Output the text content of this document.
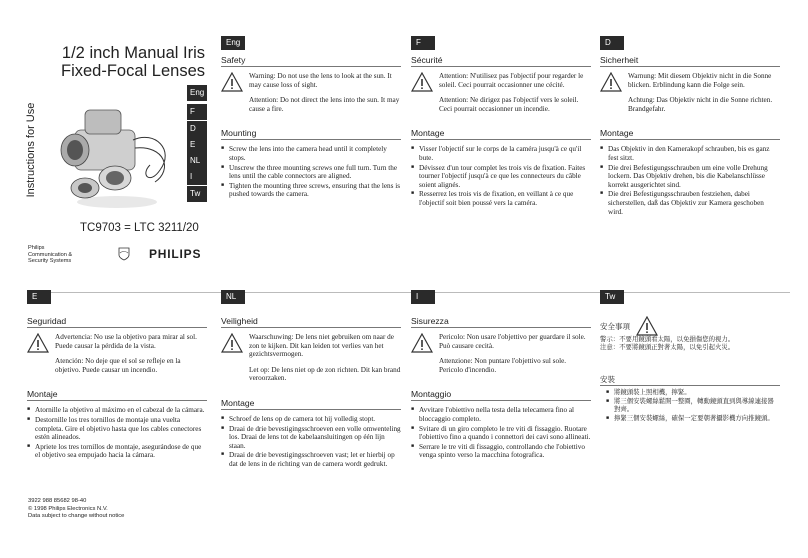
1/2 inch Manual Iris
Fixed-Focal Lenses
Instructions for Use
Eng
F
D
E
NL
I
Tw
TC9703 = LTC 3211/20
Philips
Communication &
Security Systems	PHILIPS
3922 988 85682 98-40
© 1998 Philips Electronics N.V.
Data subject to change without notice
Eng	F	D
E	NL	I	Tw
Safety

Warning: Do not use the lens to look at the sun. It may cause loss of sight.

Attention: Do not direct the lens into the sun. It may cause a fire.

Mounting
■ Screw the lens into the camera head until it completely stops.
■ Unscrew the three mounting screws one full turn. Turn the lens until the cable connectors are aligned.
■ Tighten the mounting three screws, ensuring that the lens is pushed towards the camera.
Sécurité

Attention: N'utilisez pas l'objectif pour regarder le soleil. Ceci pourrait occasionner une cécité.

Attention: Ne dirigez pas l'objectif vers le soleil. Ceci pourrait occasionner un incendie.

Montage
■ Visser l'objectif sur le corps de la caméra jusqu'à ce qu'il bute.
■ Dévissez d'un tour complet les trois vis de fixation. Faites tourner l'objectif jusqu'à ce que les connecteurs du câble soient alignés.
■ Resserrez les trois vis de fixation, en veillant à ce que l'objectif soit bien poussé vers la caméra.
Sicherheit

Warnung: Mit diesem Objektiv nicht in die Sonne blicken. Erblindung kann die Folge sein.

Achtung: Das Objektiv nicht in die Sonne richten. Brandgefahr.

Montage
■ Das Objektiv in den Kamerakopf schrauben, bis es ganz fest sitzt.
■ Die drei Befestigungsschrauben um eine volle Drehung lockern. Das Objektiv drehen, bis die Kabelanschlüsse korrekt ausgerichtet sind.
■ Die drei Befestigungsschrauben festziehen, dabei sicherstellen, daß das Objektiv zur Kamera geschoben wird.
Seguridad

Advertencia: No use la objetivo para mirar al sol. Puede causar la pérdida de la vista.

Atención: No deje que el sol se refleje en la objetivo. Puede causar un incendio.

Montaje
■ Atornille la objetivo al máximo en el cabezal de la cámara.
■ Destornille los tres tornillos de montaje una vuelta completa. Gire el objetivo hasta que los cables conectores estén alineados.
■ Apriete los tres tornillos de montaje, asegurándose de que el objetivo sea empujado hacia la cámara.
Veiligheid

Waarschuwing: De lens niet gebruiken om naar de zon te kijken. Dit kan leiden tot verlies van het gezichtsvermogen.

Let op: De lens niet op de zon richten. Dit kan brand veroorzaken.

Montage
■ Schroef de lens op de camera tot hij volledig stopt.
■ Draai de drie bevestigingsschroeven een volle omwenteling los. Draai de lens tot de kabelaansluitingen op één lijn staan.
■ Draai de drie bevestigingsschroeven vast; let er hierbij op dat de lens in de richting van de camera wordt gedrukt.
Sisurezza

Pericolo: Non usare l'objettivo per guardare il sole. Può causare cecità.

Attenzione: Non puntare l'objettivo sul sole. Pericolo d'incendio.

Montaggio
■ Avvitare l'obiettivo nella testa della telecamera fino al bloccaggio completo.
■ Svitare di un giro completo le tre viti di fissaggio. Ruotare l'obiettivo fino a quando i connettori dei cavi sono allineati.
■ Serrare le tre viti di fissaggio, controllando che l'obiettivo venga spinto verso la macchina fotografica.
安全事項

警示：不要用鏡頭看太陽，以免損傷您的視力。

注意：不要將鏡頭正對著太陽，以免引起火災。

安裝
■ 將鏡頭裝上照相機，擰緊。
■ 將三個安裝螺絲鬆開一整圈，轉動鏡頭直到與導線連接器對齊。
■ 擰緊三個安裝螺絲，確保一定要朝著攝影機方向推鏡頭。
